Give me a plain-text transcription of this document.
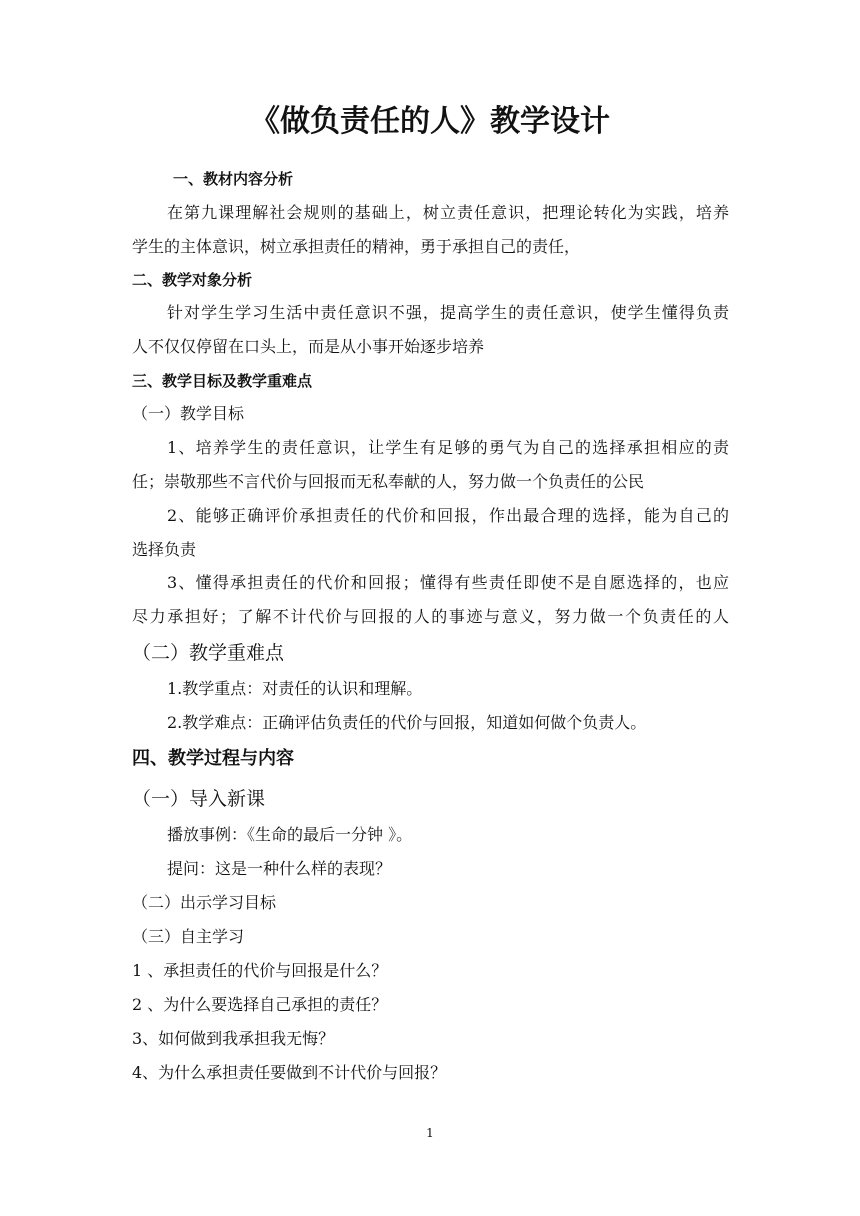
《做负责任的人》教学设计
一、教材内容分析
在第九课理解社会规则的基础上，树立责任意识，把理论转化为实践，培养
学生的主体意识，树立承担责任的精神，勇于承担自己的责任，
二、教学对象分析
针对学生学习生活中责任意识不强，提高学生的责任意识，使学生懂得负责
人不仅仅停留在口头上，而是从小事开始逐步培养
三、教学目标及教学重难点
（一）教学目标
1、培养学生的责任意识，让学生有足够的勇气为自己的选择承担相应的责
任；崇敬那些不言代价与回报而无私奉献的人，努力做一个负责任的公民
2、能够正确评价承担责任的代价和回报，作出最合理的选择，能为自己的
选择负责
3、懂得承担责任的代价和回报；懂得有些责任即使不是自愿选择的，也应
尽力承担好；了解不计代价与回报的人的事迹与意义，努力做一个负责任的人
（二）教学重难点
1.教学重点：对责任的认识和理解。
2.教学难点：正确评估负责任的代价与回报，知道如何做个负责人。
四、教学过程与内容
（一）导入新课
播放事例：《生命的最后一分钟 》。
提问：这是一种什么样的表现？
（二）出示学习目标
（三）自主学习
1 、承担责任的代价与回报是什么？
2 、为什么要选择自己承担的责任？
3、如何做到我承担我无悔？
4、为什么承担责任要做到不计代价与回报？
1
